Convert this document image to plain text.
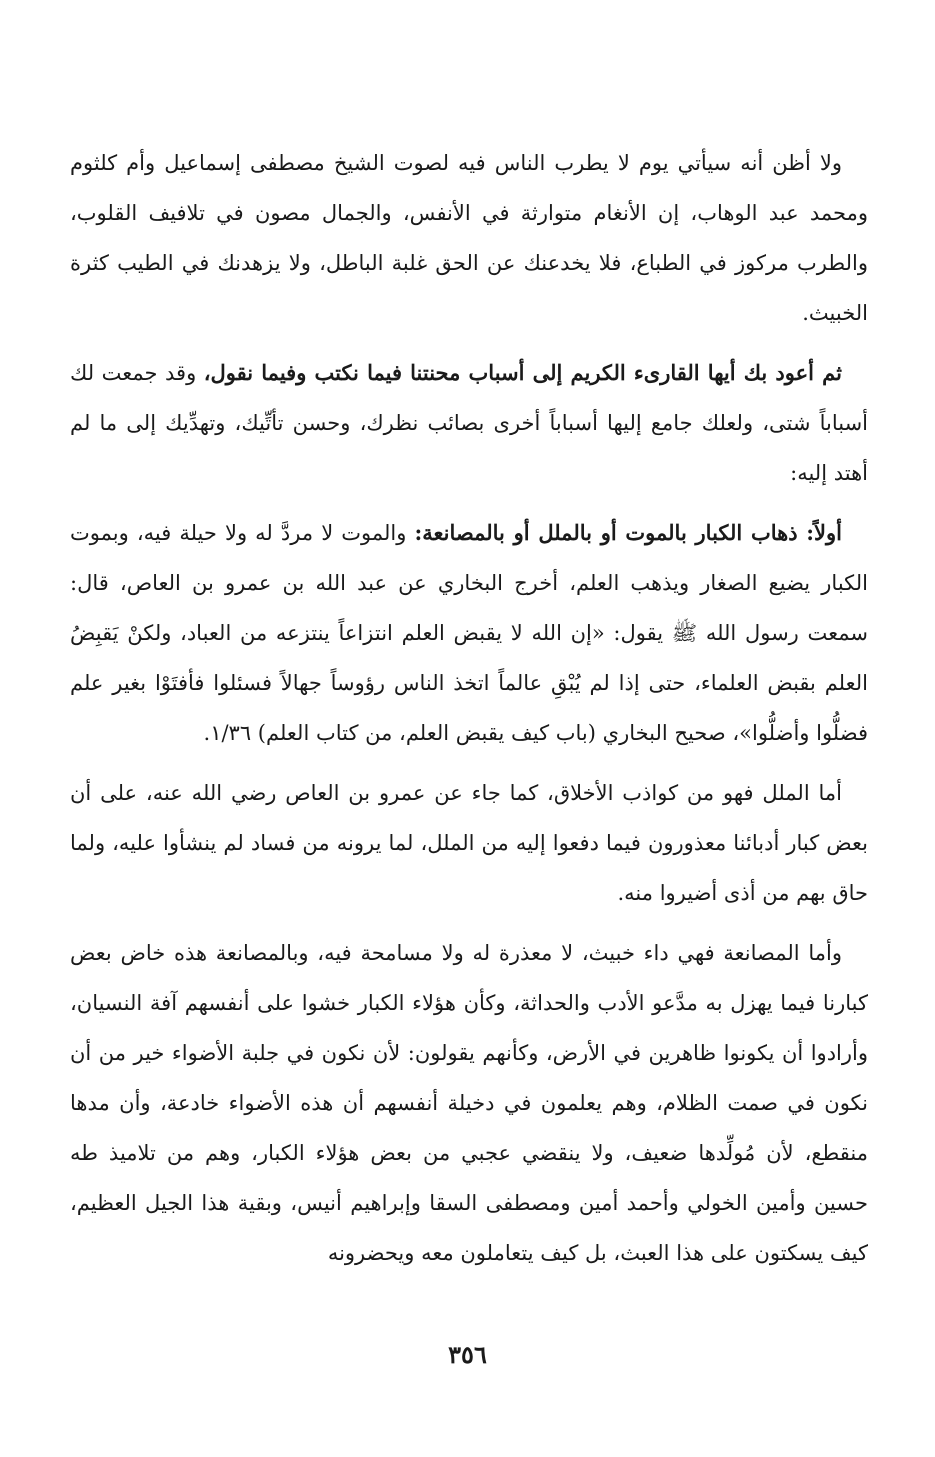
ولا أظن أنه سيأتي يوم لا يطرب الناس فيه لصوت الشيخ مصطفى إسماعيل وأم كلثوم ومحمد عبد الوهاب، إن الأنغام متوارثة في الأنفس، والجمال مصون في تلافيف القلوب، والطرب مركوز في الطباع، فلا يخدعنك عن الحق غلبة الباطل، ولا يزهدنك في الطيب كثرة الخبيث.

ثم أعود بك أيها القارىء الكريم إلى أسباب محنتنا فيما نكتب وفيما نقول، وقد جمعت لك أسباباً شتى، ولعلك جامع إليها أسباباً أخرى بصائب نظرك، وحسن تأتِّيك، وتهدِّيك إلى ما لم أهتد إليه:

أولاً: ذهاب الكبار بالموت أو بالملل أو بالمصانعة: والموت لا مردَّ له ولا حيلة فيه، وبموت الكبار يضيع الصغار ويذهب العلم، أخرج البخاري عن عبد الله بن عمرو بن العاص، قال: سمعت رسول الله ﷺ يقول: «إن الله لا يقبض العلم انتزاعاً ينتزعه من العباد، ولكنْ يَقبِضُ العلم بقبض العلماء، حتى إذا لم يُبْقِ عالماً اتخذ الناس رؤوساً جهالاً فسئلوا فأفتَوْا بغير علم فضلُّوا وأضلُّوا»، صحيح البخاري (باب كيف يقبض العلم، من كتاب العلم) ١/٣٦.

أما الملل فهو من كواذب الأخلاق، كما جاء عن عمرو بن العاص رضي الله عنه، على أن بعض كبار أدبائنا معذورون فيما دفعوا إليه من الملل، لما يرونه من فساد لم ينشأوا عليه، ولما حاق بهم من أذى أضيروا منه.

وأما المصانعة فهي داء خبيث، لا معذرة له ولا مسامحة فيه، وبالمصانعة هذه خاض بعض كبارنا فيما يهزل به مدَّعو الأدب والحداثة، وكأن هؤلاء الكبار خشوا على أنفسهم آفة النسيان، وأرادوا أن يكونوا ظاهرين في الأرض، وكأنهم يقولون: لأن نكون في جلبة الأضواء خير من أن نكون في صمت الظلام، وهم يعلمون في دخيلة أنفسهم أن هذه الأضواء خادعة، وأن مدها منقطع، لأن مُولِّدها ضعيف، ولا ينقضي عجبي من بعض هؤلاء الكبار، وهم من تلاميذ طه حسين وأمين الخولي وأحمد أمين ومصطفى السقا وإبراهيم أنيس، وبقية هذا الجيل العظيم، كيف يسكتون على هذا العبث، بل كيف يتعاملون معه ويحضرونه

٣٥٦
